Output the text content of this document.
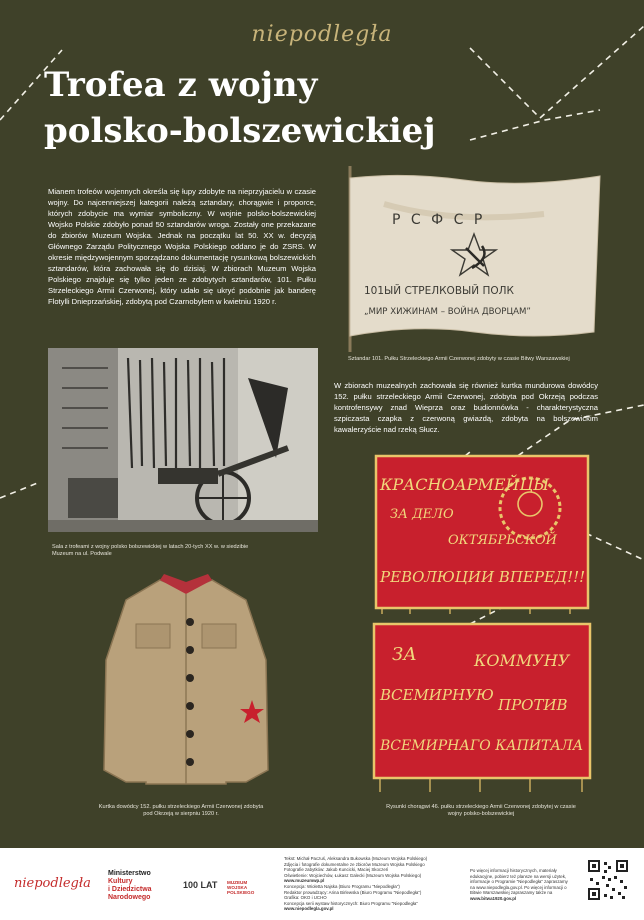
niepodległa
Trofea z wojny
polsko-bolszewickiej

Mianem trofeów wojennych określa się łupy zdobyte na nieprzyjacielu w czasie wojny. Do najcenniejszej kategorii należą sztandary, chorągwie i proporce, których zdobycie ma wymiar symboliczny. W wojnie polsko-bolszewickiej Wojsko Polskie zdobyło ponad 50 sztandarów wroga. Zostały one przekazane do zbiorów Muzeum Wojska. Jednak na początku lat 50. XX w. decyzją Głównego Zarządu Politycznego Wojska Polskiego oddano je do ZSRS. W okresie międzywojennym sporządzano dokumentację rysunkową bolszewickich sztandarów, która zachowała się do dzisiaj. W zbiorach Muzeum Wojska Polskiego znajduje się tylko jeden ze zdobytych sztandarów, 101. Pułku Strzeleckiego Armii Czerwonej, który udało się ukryć podobnie jak banderę Flotylli Dnieprzańskiej, zdobytą pod Czarnobylem w kwietniu 1920 r.

Р С Ф С Р
101ЫЙ СТРЕЛКОВЫЙ ПОЛК
„МИР ХИЖИНАМ – ВОЙНА ДВОРЦАМ”

Sztandar 101. Pułku Strzeleckiego Armii Czerwonej zdobyty w czasie Bitwy Warszawskiej

Sala z trofeami z wojny polsko bolszewickiej w latach 20-tych XX w. w siedzibie Muzeum na ul. Podwale

W zbiorach muzealnych zachowała się również kurtka mundurowa dowódcy 152. pułku strzeleckiego Armii Czerwonej, zdobyta pod Okrzeją podczas kontrofensywy znad Wieprza oraz budionnówka - charakterystyczna szpiczasta czapka z czerwoną gwiazdą, zdobyta na bolszewickim kawalerzyście nad rzeką Słucz.

КРАСНОАРМЕЙЦЫ
ЗА ДЕЛО
ОКТЯБРЬСКОЙ
РЕВОЛЮЦИИ ВПЕРЕД!!!
ЗА	КОММУНУ
ВСЕМИРНУЮ
ПРОТИВ
ВСЕМИРНАГО КАПИТАЛА

Kurtka dowódcy 152. pułku strzeleckiego Armii Czerwonej zdobyta pod Okrzeją w sierpniu 1920 r.

Rysunki chorągwi 46. pułku strzeleckiego Armii Czerwonej zdobytej w czasie wojny polsko-bolszewickiej

niepodległa
Ministerstwo
Kultury
i Dziedzictwa
Narodowego
100 LAT MUZEUM
WOJSKA
POLSKIEGO
Tekst: Michał Paczuś, Aleksandra Bukowska (Muzeum Wojska Polskiego)
Zdjęcia i fotografie dokumentalne ze zbiorów Muzeum Wojska Polskiego
Fotografie zabytków: Jakub Kuncicki, Maciej Skoczeń
Oświetlenie: Wojciechów, Łukasz Galecki (Muzeum Wojska Polskiego)
www.muzeumwp.pl
Koncepcja: Wioletta Najska (Biuro Programu "Niepodległa")
Redaktor prowadzący: Arina Birlewska (Biuro Programu "Niepodległa")
Grafika: OKO i UCHO
Koncepcja serii wystaw historycznych: Biuro Programu "Niepodległa"
www.niepodlegla.gov.pl
Po więcej informacji historycznych, materiały
edukacyjne, pobierz też plansze na wersji użytek,
informacje o Programie "Niepodległa" zapraszamy
na www.niepodlegla.gov.pl. Po więcej informacji o
Bitwie Warszawskiej zapraszamy także na
www.bitwa1920.gov.pl
